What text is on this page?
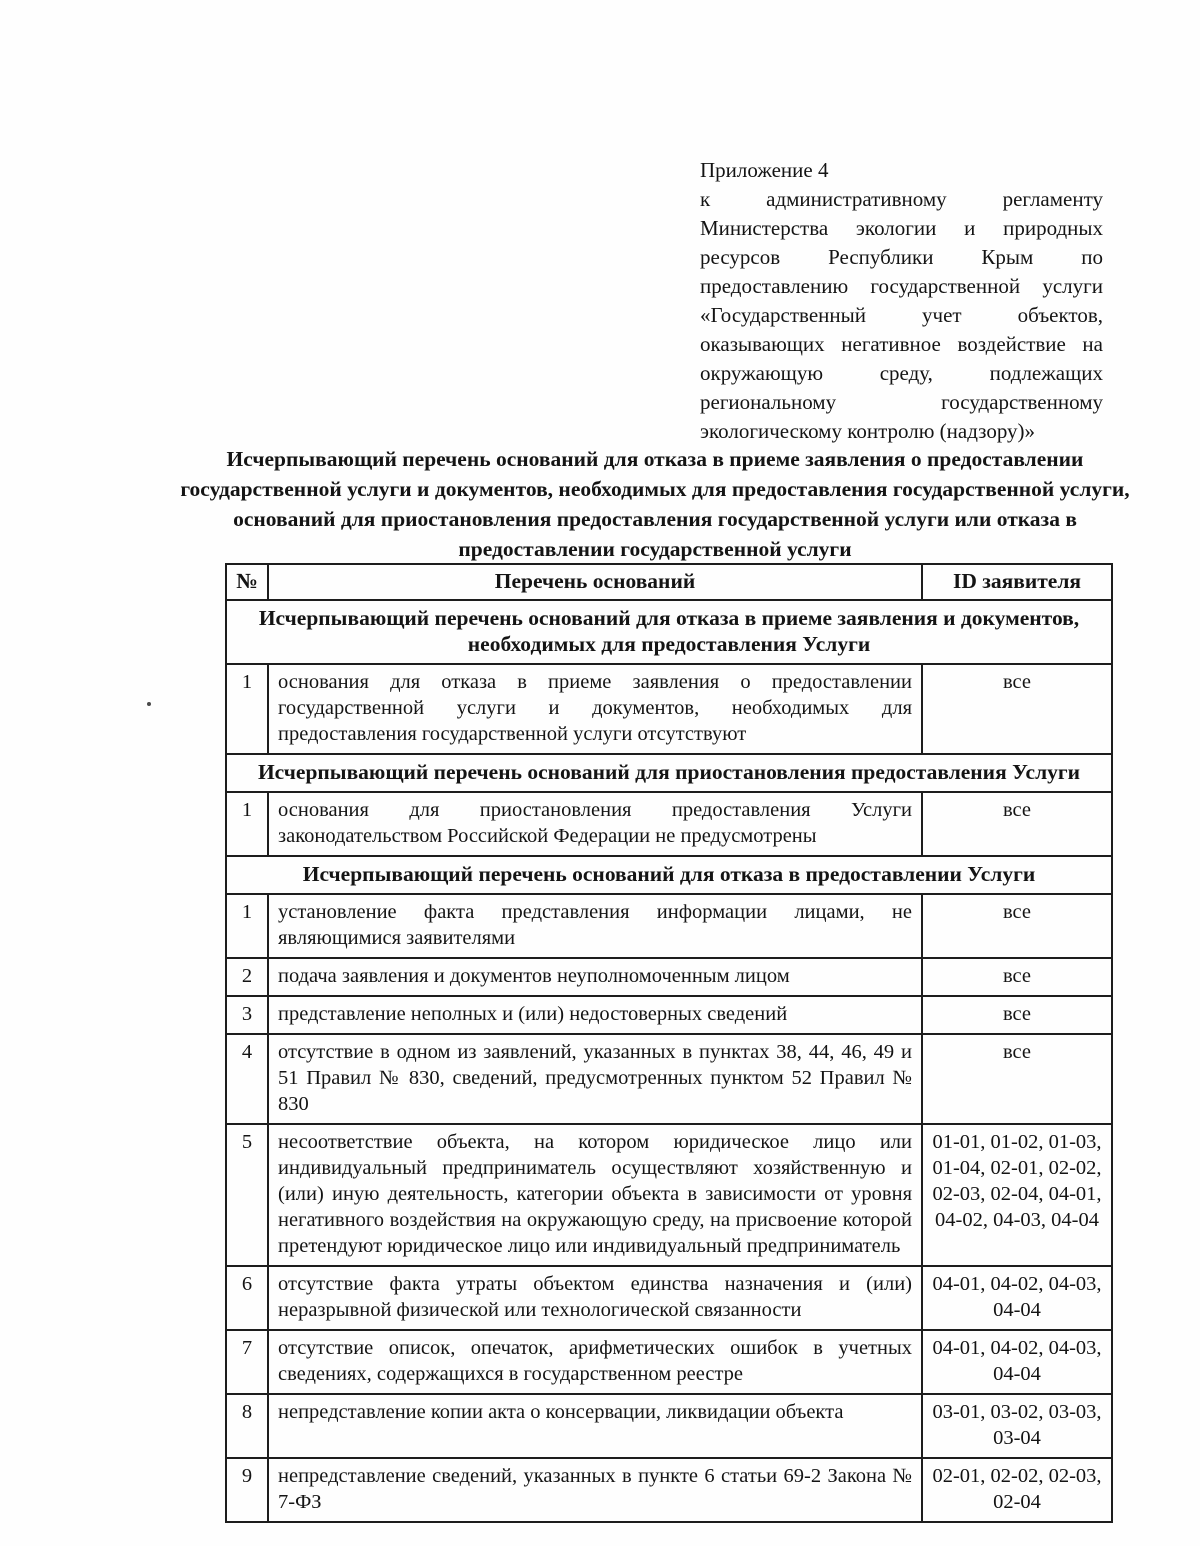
Приложение 4
к административному регламенту Министерства экологии и природных ресурсов Республики Крым по предоставлению государственной услуги «Государственный учет объектов, оказывающих негативное воздействие на окружающую среду, подлежащих региональному государственному экологическому контролю (надзору)»
Исчерпывающий перечень оснований для отказа в приеме заявления о предоставлении государственной услуги и документов, необходимых для предоставления государственной услуги, оснований для приостановления предоставления государственной услуги или отказа в предоставлении государственной услуги
№	Перечень оснований	ID заявителя
Исчерпывающий перечень оснований для отказа в приеме заявления и документов, необходимых для предоставления Услуги		
1	основания для отказа в приеме заявления о предоставлении государственной услуги и документов, необходимых для предоставления государственной услуги отсутствуют	все
Исчерпывающий перечень оснований для приостановления предоставления Услуги		
1	основания для приостановления предоставления Услуги законодательством Российской Федерации не предусмотрены	все
Исчерпывающий перечень оснований для отказа в предоставлении Услуги		
1	установление факта представления информации лицами, не являющимися заявителями	все
2	подача заявления и документов неуполномоченным лицом	все
3	представление неполных и (или) недостоверных сведений	все
4	отсутствие в одном из заявлений, указанных в пунктах 38, 44, 46, 49 и 51 Правил № 830, сведений, предусмотренных пунктом 52 Правил № 830	все
5	несоответствие объекта, на котором юридическое лицо или индивидуальный предприниматель осуществляют хозяйственную и (или) иную деятельность, категории объекта в зависимости от уровня негативного воздействия на окружающую среду, на присвоение которой претендуют юридическое лицо или индивидуальный предприниматель	01-01, 01-02, 01-03, 01-04, 02-01, 02-02, 02-03, 02-04, 04-01, 04-02, 04-03, 04-04
6	отсутствие факта утраты объектом единства назначения и (или) неразрывной физической или технологической связанности	04-01, 04-02, 04-03, 04-04
7	отсутствие описок, опечаток, арифметических ошибок в учетных сведениях, содержащихся в государственном реестре	04-01, 04-02, 04-03, 04-04
8	непредставление копии акта о консервации, ликвидации объекта	03-01, 03-02, 03-03, 03-04
9	непредставление сведений, указанных в пункте 6 статьи 69-2 Закона № 7-ФЗ	02-01, 02-02, 02-03, 02-04
